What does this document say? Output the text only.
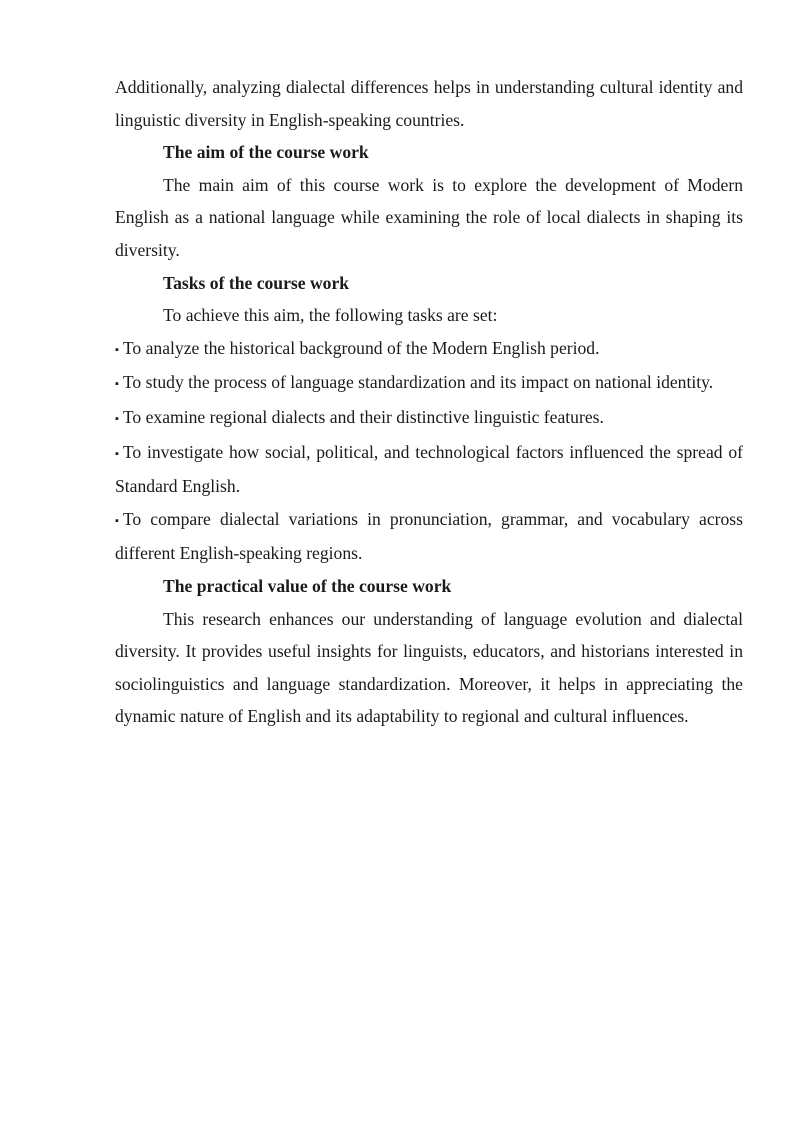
Additionally, analyzing dialectal differences helps in understanding cultural identity and linguistic diversity in English-speaking countries.

The aim of the course work

The main aim of this course work is to explore the development of Modern English as a national language while examining the role of local dialects in shaping its diversity.

Tasks of the course work

To achieve this aim, the following tasks are set:

▪ To analyze the historical background of the Modern English period.

▪ To study the process of language standardization and its impact on national identity.

▪ To examine regional dialects and their distinctive linguistic features.

▪ To investigate how social, political, and technological factors influenced the spread of Standard English.

▪ To compare dialectal variations in pronunciation, grammar, and vocabulary across different English-speaking regions.

The practical value of the course work

This research enhances our understanding of language evolution and dialectal diversity. It provides useful insights for linguists, educators, and historians interested in sociolinguistics and language standardization. Moreover, it helps in appreciating the dynamic nature of English and its adaptability to regional and cultural influences.
